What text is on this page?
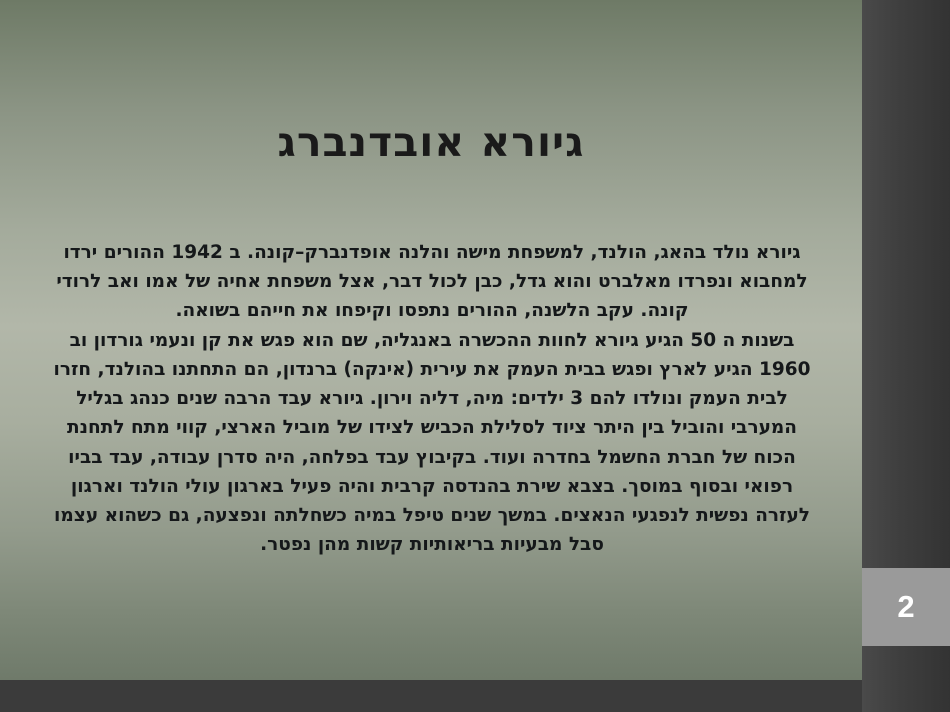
גיורא אובדנברג

גיורא נולד בהאג, הולנד, למשפחת מישה והלנה אופדנברק–קונה. ב 1942 ההורים ירדו למחבוא ונפרדו מאלברט והוא גדל, כבן לכול דבר, אצל משפחת אחיה של אמו ואב לרודי קונה. עקב הלשנה, ההורים נתפסו וקיפחו את חייהם בשואה.

בשנות ה 50 הגיע גיורא לחוות ההכשרה באנגליה, שם הוא פגש את קן ונעמי גורדון וב 1960 הגיע לארץ ופגש בבית העמק את עירית (אינקה) ברנדון, הם התחתנו בהולנד, חזרו לבית העמק ונולדו להם 3 ילדים: מיה, דליה וירון. גיורא עבד הרבה שנים כנהג בגליל המערבי והוביל בין היתר ציוד לסלילת הכביש לצידו של מוביל הארצי, קווי מתח לתחנת הכוח של חברת החשמל בחדרה ועוד. בקיבוץ עבד בפלחה, היה סדרן עבודה, עבד בביו רפואי ובסוף במוסך. בצבא שירת בהנדסה קרבית והיה פעיל בארגון עולי הולנד וארגון לעזרה נפשית לנפגעי הנאצים. במשך שנים טיפל במיה כשחלתה ונפצעה, גם כשהוא עצמו סבל מבעיות בריאותיות קשות מהן נפטר.

2
